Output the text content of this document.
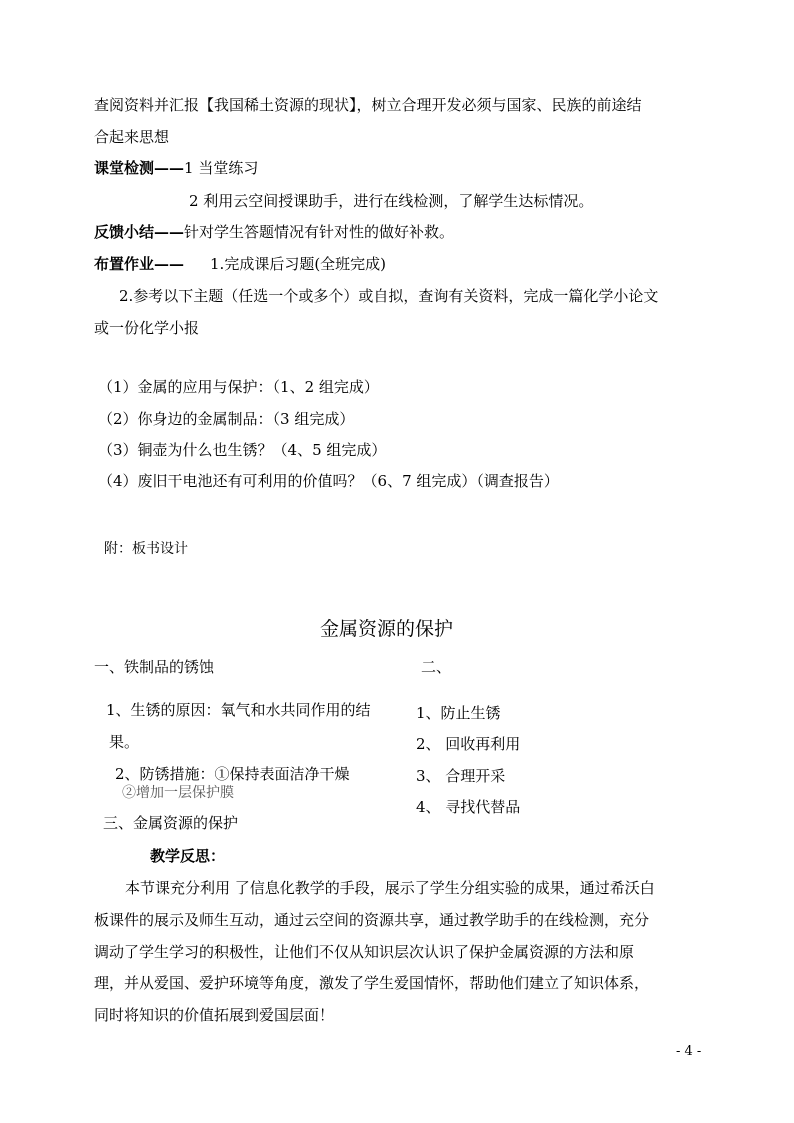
查阅资料并汇报【我国稀土资源的现状】，树立合理开发必须与国家、民族的前途结
合起来思想
课堂检测——1 当堂练习
2 利用云空间授课助手，进行在线检测，了解学生达标情况。
反馈小结——针对学生答题情况有针对性的做好补救。
布置作业—— 1.完成课后习题(全班完成)
2.参考以下主题（任选一个或多个）或自拟，查询有关资料，完成一篇化学小论文
或一份化学小报
（1）金属的应用与保护：（1、2 组完成）
（2）你身边的金属制品：（3 组完成）
（3）铜壶为什么也生锈？（4、5 组完成）
（4）废旧干电池还有可利用的价值吗？（6、7 组完成）（调查报告）
附：板书设计
金属资源的保护
一、铁制品的锈蚀	二、
1、生锈的原因：氧气和水共同作用的结
果。
2、防锈措施：①保持表面洁净干燥
②增加一层保护膜
三、金属资源的保护
1、防止生锈
2、 回收再利用
3、 合理开采
4、 寻找代替品
教学反思：
本节课充分利用 了信息化教学的手段，展示了学生分组实验的成果，通过希沃白
板课件的展示及师生互动，通过云空间的资源共享，通过教学助手的在线检测，充分
调动了学生学习的积极性，让他们不仅从知识层次认识了保护金属资源的方法和原
理，并从爱国、爱护环境等角度，激发了学生爱国情怀，帮助他们建立了知识体系，
同时将知识的价值拓展到爱国层面！
- 4 -
